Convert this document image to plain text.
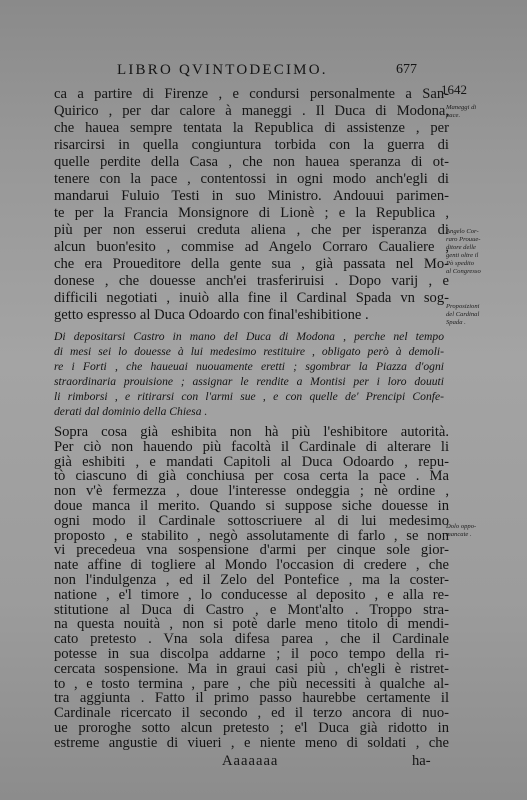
LIBRO QVINTODECIMO.	677
1642
ca a partire di Firenze , e condursi personalmente a San-
Quirico , per dar calore à maneggi . Il Duca di Modona,
che hauea sempre tentata la Republica di assistenze , per
risarcirsi in quella congiuntura torbida con la guerra di
quelle perdite della Casa , che non hauea speranza di ot-
tenere con la pace , contentossi in ogni modo anch'egli di
mandarui Fuluio Testi in suo Ministro. Andouui parimen-
te per la Francia Monsignore di Lionè ; e la Republica ,
più per non esserui creduta aliena , che per isperanza di
alcun buon'esito , commise ad Angelo Corraro Caualiere ,
che era Proueditore della gente sua , già passata nel Mo-
donese , che douesse anch'ei trasferiruisi . Dopo varij , e
difficili negotiati , inuiò alla fine il Cardinal Spada vn sog-
getto espresso al Duca Odoardo con final'eshibitione .
Di depositarsi Castro in mano del Duca di Modona , perche nel tempo
di mesi sei lo douesse à lui medesimo restituire , obligato però à demoli-
re i Forti , che haueuai nuouamente eretti ; sgombrar la Piazza d'ogni
straordinaria prouisione ; assignar le rendite a Montisi per i loro douuti
li rimborsi , e ritirarsi con l'armi sue , e con quelle de' Prencipi Confe-
derati dal dominio della Chiesa .
Sopra cosa già eshibita non hà più l'eshibitore autorità.
Per ciò non hauendo più facoltà il Cardinale di alterare li
già eshibiti , e mandati Capitoli al Duca Odoardo , repu-
tò ciascuno di già conchiusa per cosa certa la pace . Ma
non v'è fermezza , doue l'interesse ondeggia ; nè ordine ,
doue manca il merito. Quando si suppose siche douesse in
ogni modo il Cardinale sottoscriuere al di lui medesimo
proposto , e stabilito , negò assolutamente di farlo , se non
vi precedeua vna sospensione d'armi per cinque sole gior-
nate affine di togliere al Mondo l'occasion di credere , che
non l'indulgenza , ed il Zelo del Pontefice , ma la coster-
natione , e'l timore , lo conducesse al deposito , e alla re-
stitutione al Duca di Castro , e Mont'alto . Troppo stra-
na questa nouità , non si potè darle meno titolo di mendi-
cato pretesto . Vna sola difesa parea , che il Cardinale
potesse in sua discolpa addarne ; il poco tempo della ri-
cercata sospensione. Ma in graui casi più , ch'egli è ristret-
to , e tosto termina , pare , che più necessiti à qualche al-
tra aggiunta . Fatto il primo passo haurebbe certamente il
Cardinale ricercato il secondo , ed il terzo ancora di nuo-
ue proroghe sotto alcun pretesto ; e'l Duca già ridotto in
estreme angustie di viueri , e niente meno di soldati , che
Maneggi di
pace.
Angelo Cor-
raro Prouue-
ditore delle
genti oltre il
Pò spedito
al Congresso
Proposizioni
del Cardinal
Spada .
Dolo oppo-
mancate .
Aaaaaaa	ha-
